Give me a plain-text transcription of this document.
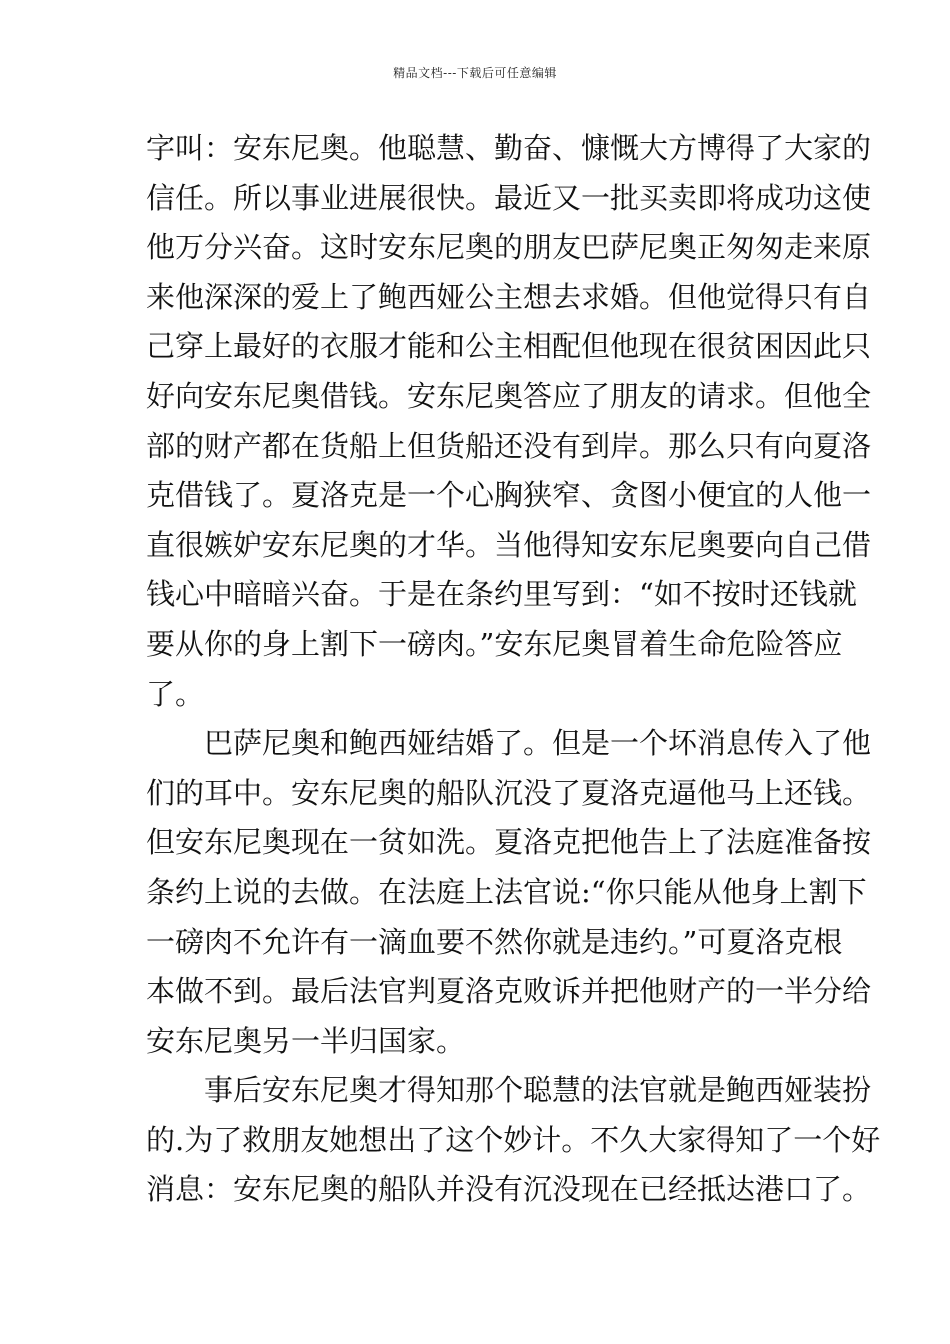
精品文档---下载后可任意编辑
字叫：安东尼奥。他聪慧、勤奋、慷慨大方博得了大家的
信任。所以事业进展很快。最近又一批买卖即将成功这使
他万分兴奋。这时安东尼奥的朋友巴萨尼奥正匆匆走来原
来他深深的爱上了鲍西娅公主想去求婚。但他觉得只有自
己穿上最好的衣服才能和公主相配但他现在很贫困因此只
好向安东尼奥借钱。安东尼奥答应了朋友的请求。但他全
部的财产都在货船上但货船还没有到岸。那么只有向夏洛
克借钱了。夏洛克是一个心胸狭窄、贪图小便宜的人他一
直很嫉妒安东尼奥的才华。当他得知安东尼奥要向自己借
钱心中暗暗兴奋。于是在条约里写到：“如不按时还钱就
要从你的身上割下一磅肉。”安东尼奥冒着生命危险答应
了。
巴萨尼奥和鲍西娅结婚了。但是一个坏消息传入了他
们的耳中。安东尼奥的船队沉没了夏洛克逼他马上还钱。
但安东尼奥现在一贫如洗。夏洛克把他告上了法庭准备按
条约上说的去做。在法庭上法官说:“你只能从他身上割下
一磅肉不允许有一滴血要不然你就是违约。”可夏洛克根
本做不到。最后法官判夏洛克败诉并把他财产的一半分给
安东尼奥另一半归国家。
事后安东尼奥才得知那个聪慧的法官就是鲍西娅装扮
的.为了救朋友她想出了这个妙计。不久大家得知了一个好
消息：安东尼奥的船队并没有沉没现在已经抵达港口了。
